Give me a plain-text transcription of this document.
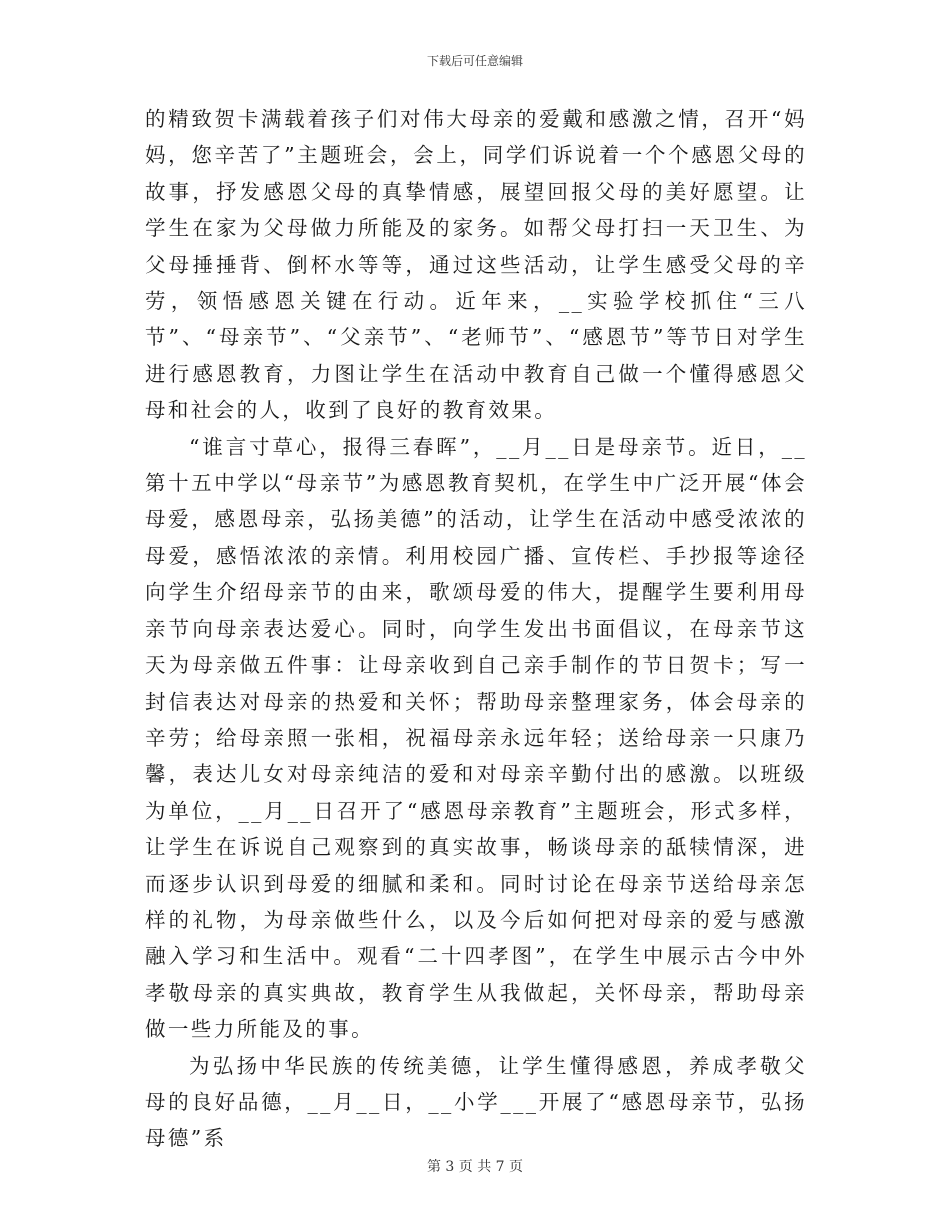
下载后可任意编辑

的精致贺卡满载着孩子们对伟大母亲的爱戴和感激之情，召开“妈妈，您辛苦了”主题班会，会上，同学们诉说着一个个感恩父母的故事，抒发感恩父母的真挚情感，展望回报父母的美好愿望。让学生在家为父母做力所能及的家务。如帮父母打扫一天卫生、为父母捶捶背、倒杯水等等，通过这些活动，让学生感受父母的辛劳，领悟感恩关键在行动。近年来，__实验学校抓住“三八节”、“母亲节”、“父亲节”、“老师节”、“感恩节”等节日对学生进行感恩教育，力图让学生在活动中教育自己做一个懂得感恩父母和社会的人，收到了良好的教育效果。

“谁言寸草心，报得三春晖”，__月__日是母亲节。近日，__第十五中学以“母亲节”为感恩教育契机，在学生中广泛开展“体会母爱，感恩母亲，弘扬美德”的活动，让学生在活动中感受浓浓的母爱，感悟浓浓的亲情。利用校园广播、宣传栏、手抄报等途径向学生介绍母亲节的由来，歌颂母爱的伟大，提醒学生要利用母亲节向母亲表达爱心。同时，向学生发出书面倡议，在母亲节这天为母亲做五件事：让母亲收到自己亲手制作的节日贺卡；写一封信表达对母亲的热爱和关怀；帮助母亲整理家务，体会母亲的辛劳；给母亲照一张相，祝福母亲永远年轻；送给母亲一只康乃馨，表达儿女对母亲纯洁的爱和对母亲辛勤付出的感激。以班级为单位，__月__日召开了“感恩母亲教育”主题班会，形式多样，让学生在诉说自己观察到的真实故事，畅谈母亲的舐犊情深，进而逐步认识到母爱的细腻和柔和。同时讨论在母亲节送给母亲怎样的礼物，为母亲做些什么，以及今后如何把对母亲的爱与感激融入学习和生活中。观看“二十四孝图”，在学生中展示古今中外孝敬母亲的真实典故，教育学生从我做起，关怀母亲，帮助母亲做一些力所能及的事。

为弘扬中华民族的传统美德，让学生懂得感恩，养成孝敬父母的良好品德，__月__日，__小学___开展了“感恩母亲节，弘扬母德”系

第 3 页 共 7 页
